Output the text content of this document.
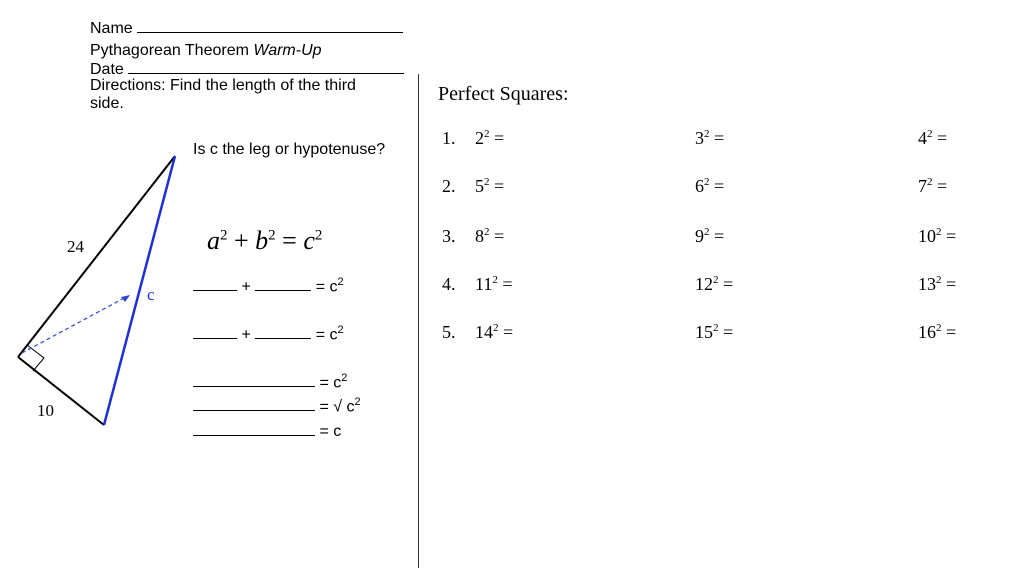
Name
Pythagorean Theorem Warm-Up
Date
Directions: Find the length of the third side.
Is c the leg or hypotenuse?
24
10
c
$a^2 + b^2 = c^2$
+	= $c^2$
+	= $c^2$
= $c^2$
= √ $c^2$
= c
Perfect Squares:
1. $2^2$ =	$3^2$ =	$4^2$ =
2. $5^2$ =	$6^2$ =	$7^2$ =
3. $8^2$ =	$9^2$ =	$10^2$ =
4. $11^2$ =	$12^2$ =	$13^2$ =
5. $14^2$ =	$15^2$ =	$16^2$ =
